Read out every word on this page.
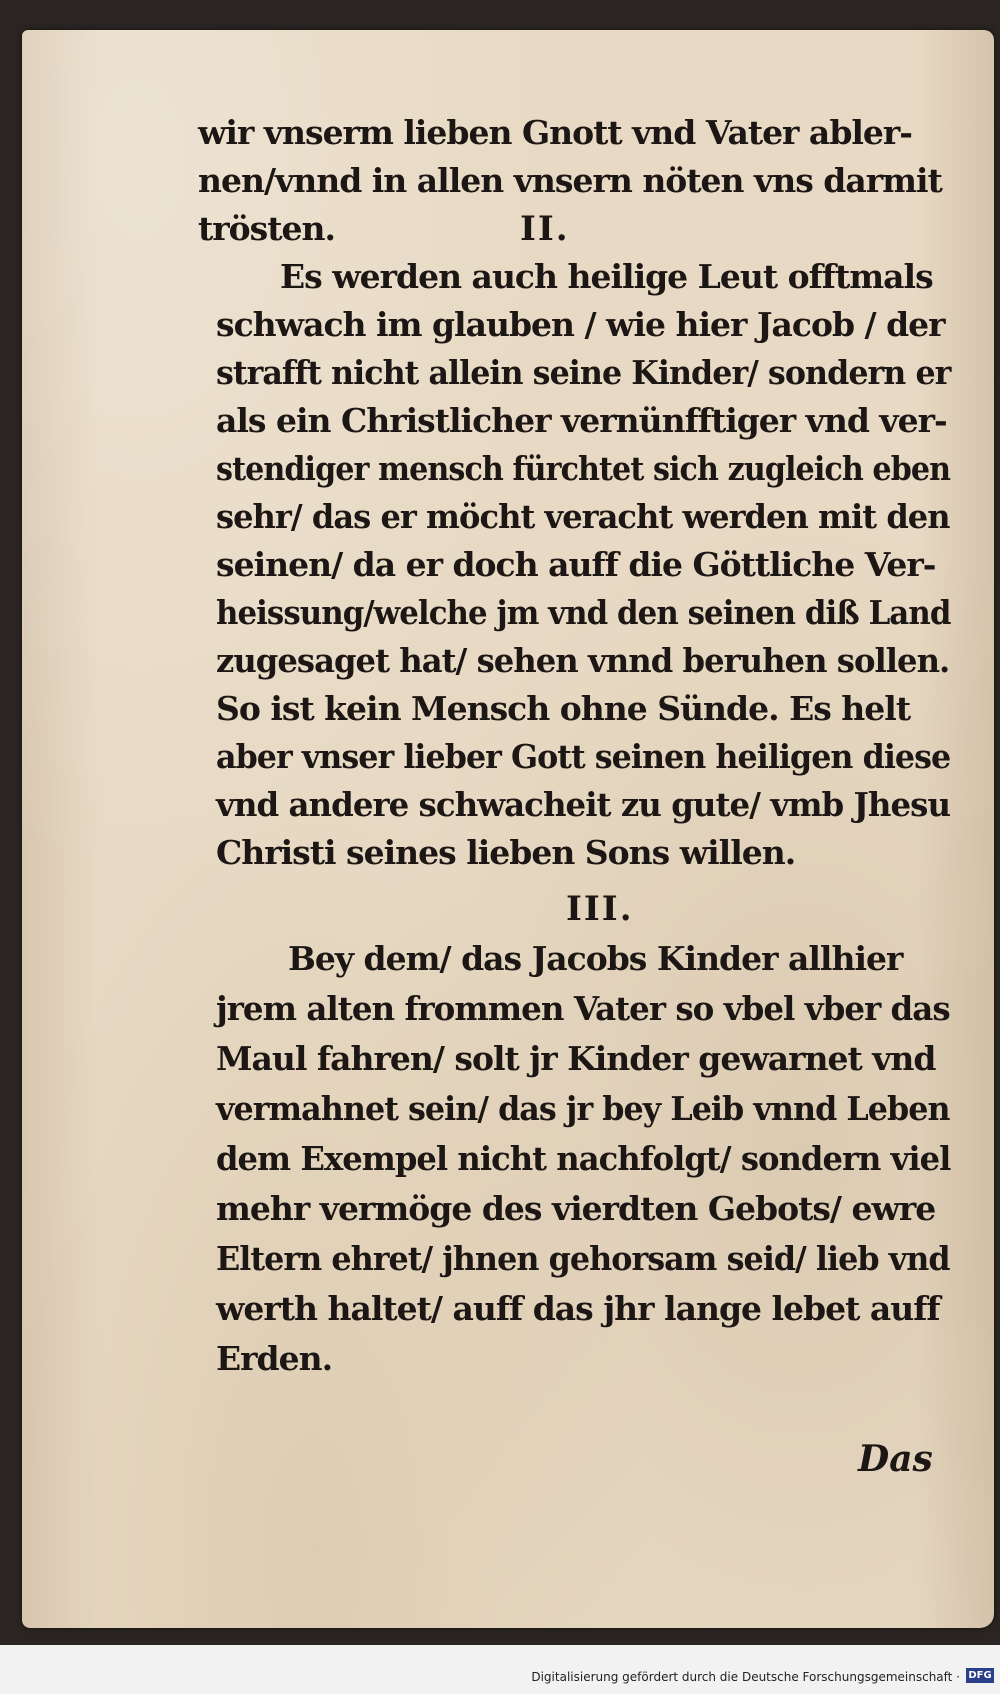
wir vnserm lieben Gnott vnd Vater abler-
nen/vnnd in allen vnsern nöten vns darmit
trösten.	II.
Es werden auch heilige Leut offtmals
schwach im glauben / wie hier Jacob / der
strafft nicht allein seine Kinder/ sondern er
als ein Christlicher vernünfftiger vnd ver-
stendiger mensch fürchtet sich zugleich eben
sehr/ das er möcht veracht werden mit den
seinen/ da er doch auff die Göttliche Ver-
heissung/welche jm vnd den seinen diß Land
zugesaget hat/ sehen vnnd beruhen sollen.
So ist kein Mensch ohne Sünde. Es helt
aber vnser lieber Gott seinen heiligen diese
vnd andere schwacheit zu gute/ vmb Jhesu
Christi seines lieben Sons willen.
III.
Bey dem/ das Jacobs Kinder allhier
jrem alten frommen Vater so vbel vber das
Maul fahren/ solt jr Kinder gewarnet vnd
vermahnet sein/ das jr bey Leib vnnd Leben
dem Exempel nicht nachfolgt/ sondern viel
mehr vermöge des vierdten Gebots/ ewre
Eltern ehret/ jhnen gehorsam seid/ lieb vnd
werth haltet/ auff das jhr lange lebet auff
Erden.
Das
Digitalisierung gefördert durch die Deutsche Forschungsgemeinschaft · DFG
